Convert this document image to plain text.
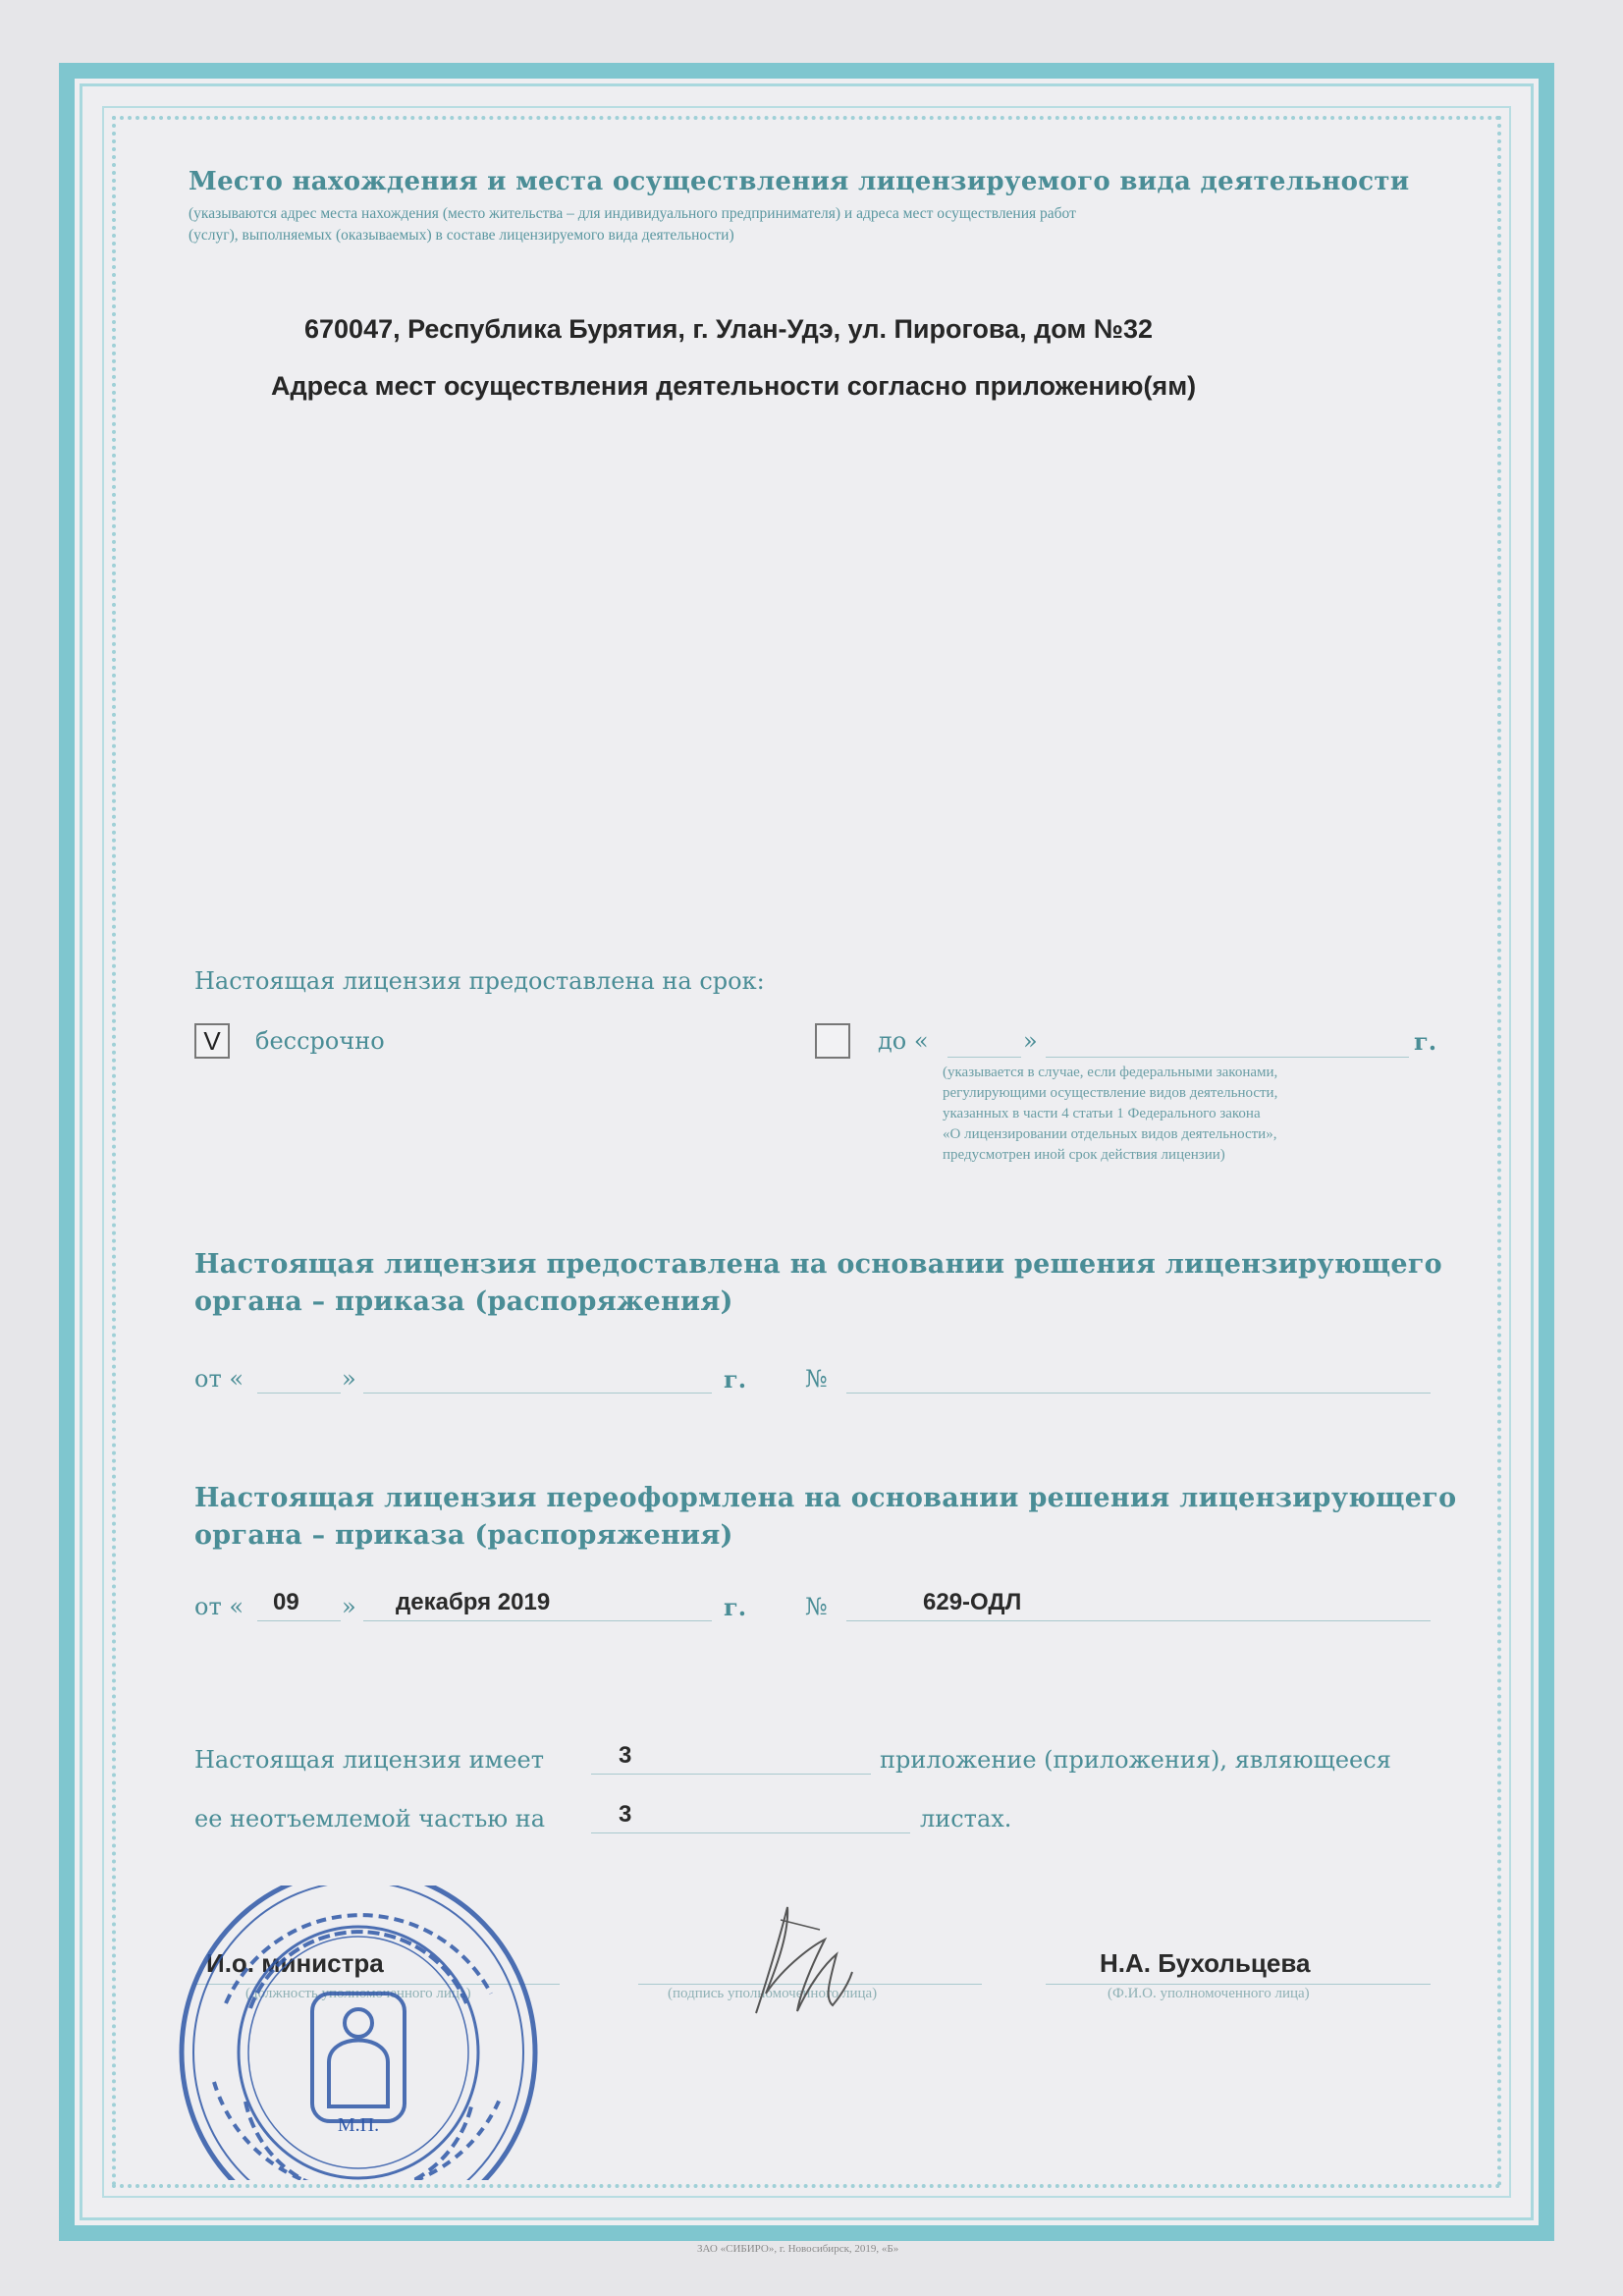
Место нахождения и места осуществления лицензируемого вида деятельности
(указываются адрес места нахождения (место жительства – для индивидуального предпринимателя) и адреса мест осуществления работ
(услуг), выполняемых (оказываемых) в составе лицензируемого вида деятельности)
670047, Республика Бурятия, г. Улан-Удэ, ул. Пирогова, дом №32
Адреса мест осуществления деятельности согласно приложению(ям)
Настоящая лицензия предоставлена на срок:
V	бессрочно	до «	»	г.
(указывается в случае, если федеральными законами,
регулирующими осуществление видов деятельности,
указанных в части 4 статьи 1 Федерального закона
«О лицензировании отдельных видов деятельности»,
предусмотрен иной срок действия лицензии)
Настоящая лицензия предоставлена на основании решения лицензирующего
органа – приказа (распоряжения)
от «	»	г. №
Настоящая лицензия переоформлена на основании решения лицензирующего
органа – приказа (распоряжения)
от « 09 » декабря 2019	г. №	629-ОДЛ
Настоящая лицензия имеет	3	приложение (приложения), являющееся
ее неотъемлемой частью на	3	листах.
И.о. министра
(должность уполномоченного лица)	(подпись уполномоченного лица)
Н.А. Бухольцева
(Ф.И.О. уполномоченного лица)
М.П.
ЗАО «СИБИРО», г. Новосибирск, 2019, «Б»
